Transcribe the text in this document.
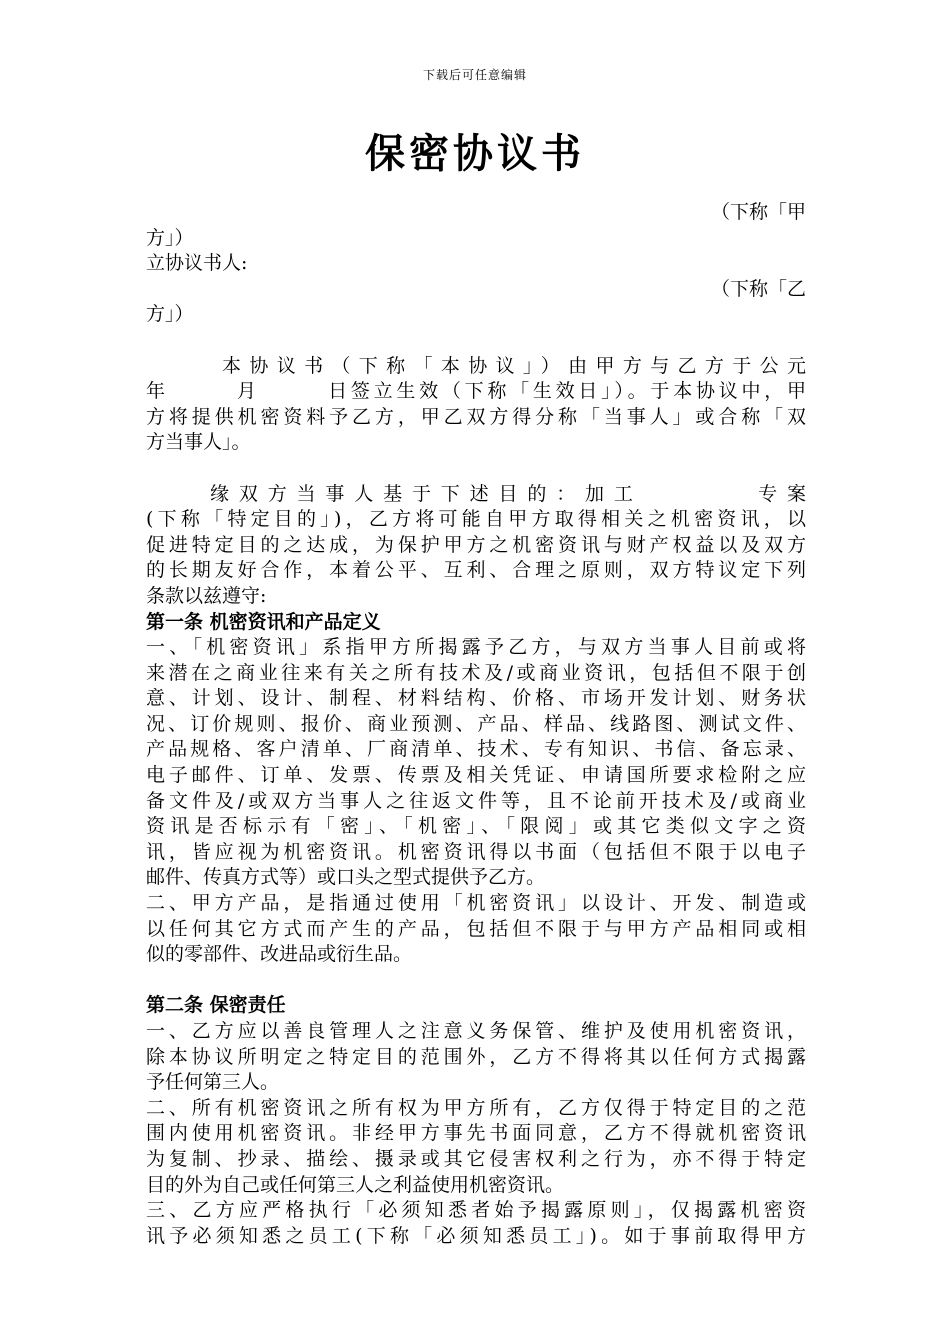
下载后可任意编辑
保密协议书
（下称「甲
方」）
立协议书人:
（下称「乙
方」）
本协议书（下称「本协议」）由甲方与乙方于公元
年　　　月　　　日签立生效（下称「生效日」）。于本协议中，甲
方将提供机密资料予乙方，甲乙双方得分称「当事人」或合称「双
方当事人」。
缘双方当事人基于下述目的：加工　　　　专案
(下称「特定目的」)，乙方将可能自甲方取得相关之机密资讯，以
促进特定目的之达成，为保护甲方之机密资讯与财产权益以及双方
的长期友好合作，本着公平、互利、合理之原则，双方特议定下列
条款以兹遵守:
第一条 机密资讯和产品定义
一、「机密资讯」系指甲方所揭露予乙方，与双方当事人目前或将
来潜在之商业往来有关之所有技术及/或商业资讯，包括但不限于创
意、计划、设计、制程、材料结构、价格、市场开发计划、财务状
况、订价规则、报价、商业预测、产品、样品、线路图、测试文件、
产品规格、客户清单、厂商清单、技术、专有知识、书信、备忘录、
电子邮件、订单、发票、传票及相关凭证、申请国所要求检附之应
备文件及/或双方当事人之往返文件等，且不论前开技术及/或商业
资讯是否标示有「密」、「机密」、「限阅」或其它类似文字之资
讯，皆应视为机密资讯。机密资讯得以书面（包括但不限于以电子
邮件、传真方式等）或口头之型式提供予乙方。
二、甲方产品，是指通过使用「机密资讯」以设计、开发、制造或
以任何其它方式而产生的产品，包括但不限于与甲方产品相同或相
似的零部件、改进品或衍生品。
第二条 保密责任
一、乙方应以善良管理人之注意义务保管、维护及使用机密资讯，
除本协议所明定之特定目的范围外，乙方不得将其以任何方式揭露
予任何第三人。
二、所有机密资讯之所有权为甲方所有，乙方仅得于特定目的之范
围内使用机密资讯。非经甲方事先书面同意，乙方不得就机密资讯
为复制、抄录、描绘、摄录或其它侵害权利之行为，亦不得于特定
目的外为自己或任何第三人之利益使用机密资讯。
三、乙方应严格执行「必须知悉者始予揭露原则」，仅揭露机密资
讯予必须知悉之员工(下称「必须知悉员工」)。如于事前取得甲方
